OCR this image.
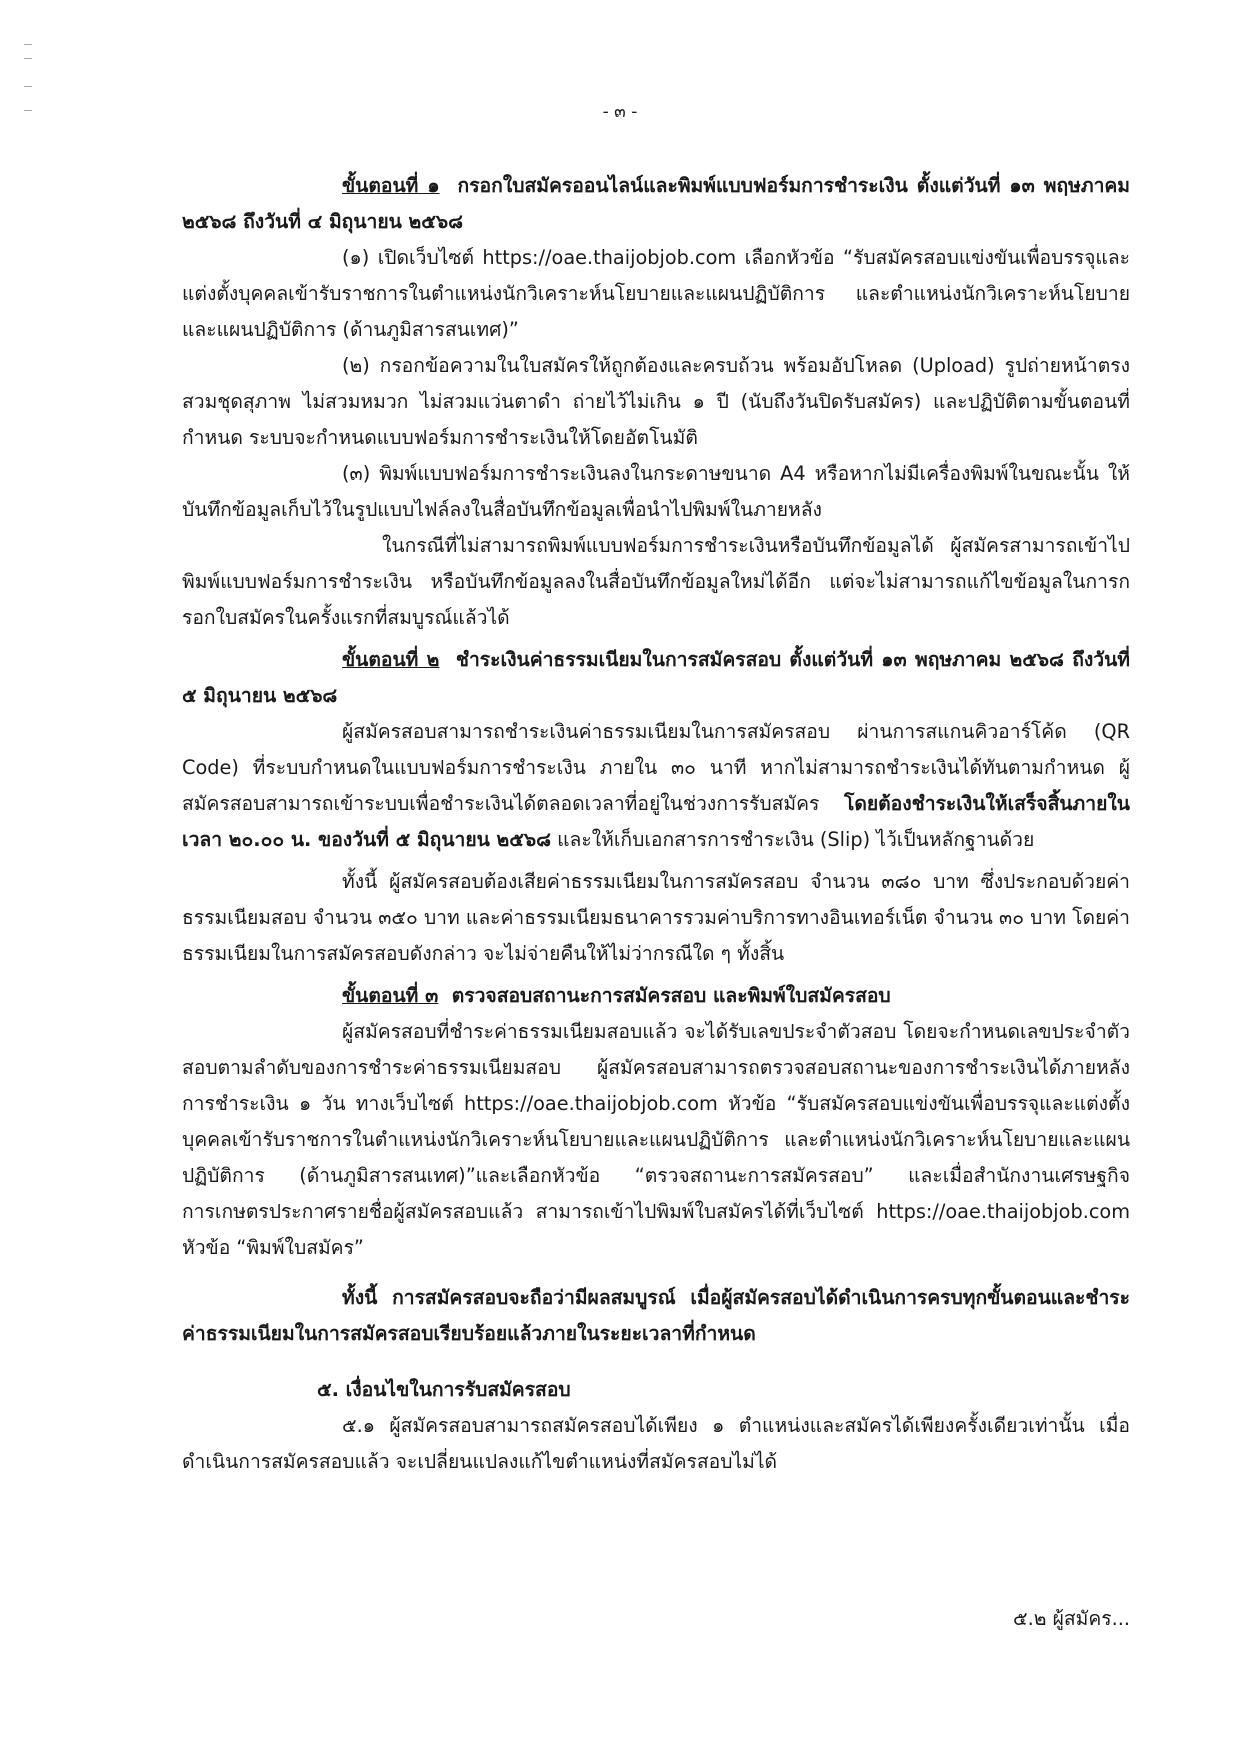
- ๓ -

ขั้นตอนที่ ๑ กรอกใบสมัครออนไลน์และพิมพ์แบบฟอร์มการชำระเงิน ตั้งแต่วันที่ ๑๓ พฤษภาคม ๒๕๖๘ ถึงวันที่ ๔ มิถุนายน ๒๕๖๘

(๑) เปิดเว็บไซต์ https://oae.thaijobjob.com เลือกหัวข้อ “รับสมัครสอบแข่งขันเพื่อบรรจุและแต่งตั้งบุคคลเข้ารับราชการในตำแหน่งนักวิเคราะห์นโยบายและแผนปฏิบัติการ และตำแหน่งนักวิเคราะห์นโยบายและแผนปฏิบัติการ (ด้านภูมิสารสนเทศ)”

(๒) กรอกข้อความในใบสมัครให้ถูกต้องและครบถ้วน พร้อมอัปโหลด (Upload) รูปถ่ายหน้าตรง สวมชุดสุภาพ ไม่สวมหมวก ไม่สวมแว่นตาดำ ถ่ายไว้ไม่เกิน ๑ ปี (นับถึงวันปิดรับสมัคร) และปฏิบัติตามขั้นตอนที่กำหนด ระบบจะกำหนดแบบฟอร์มการชำระเงินให้โดยอัตโนมัติ

(๓) พิมพ์แบบฟอร์มการชำระเงินลงในกระดาษขนาด A4 หรือหากไม่มีเครื่องพิมพ์ในขณะนั้น ให้บันทึกข้อมูลเก็บไว้ในรูปแบบไฟล์ลงในสื่อบันทึกข้อมูลเพื่อนำไปพิมพ์ในภายหลัง

ในกรณีที่ไม่สามารถพิมพ์แบบฟอร์มการชำระเงินหรือบันทึกข้อมูลได้ ผู้สมัครสามารถเข้าไปพิมพ์แบบฟอร์มการชำระเงิน หรือบันทึกข้อมูลลงในสื่อบันทึกข้อมูลใหม่ได้อีก แต่จะไม่สามารถแก้ไขข้อมูลในการกรอกใบสมัครในครั้งแรกที่สมบูรณ์แล้วได้

ขั้นตอนที่ ๒ ชำระเงินค่าธรรมเนียมในการสมัครสอบ ตั้งแต่วันที่ ๑๓ พฤษภาคม ๒๕๖๘ ถึงวันที่ ๕ มิถุนายน ๒๕๖๘

ผู้สมัครสอบสามารถชำระเงินค่าธรรมเนียมในการสมัครสอบ ผ่านการสแกนคิวอาร์โค้ด (QR Code) ที่ระบบกำหนดในแบบฟอร์มการชำระเงิน ภายใน ๓๐ นาที หากไม่สามารถชำระเงินได้ทันตามกำหนด ผู้สมัครสอบสามารถเข้าระบบเพื่อชำระเงินได้ตลอดเวลาที่อยู่ในช่วงการรับสมัคร โดยต้องชำระเงินให้เสร็จสิ้นภายในเวลา ๒๐.๐๐ น. ของวันที่ ๕ มิถุนายน ๒๕๖๘ และให้เก็บเอกสารการชำระเงิน (Slip) ไว้เป็นหลักฐานด้วย

ทั้งนี้ ผู้สมัครสอบต้องเสียค่าธรรมเนียมในการสมัครสอบ จำนวน ๓๘๐ บาท ซึ่งประกอบด้วยค่าธรรมเนียมสอบ จำนวน ๓๕๐ บาท และค่าธรรมเนียมธนาคารรวมค่าบริการทางอินเทอร์เน็ต จำนวน ๓๐ บาท โดยค่าธรรมเนียมในการสมัครสอบดังกล่าว จะไม่จ่ายคืนให้ไม่ว่ากรณีใด ๆ ทั้งสิ้น

ขั้นตอนที่ ๓ ตรวจสอบสถานะการสมัครสอบ และพิมพ์ใบสมัครสอบ

ผู้สมัครสอบที่ชำระค่าธรรมเนียมสอบแล้ว จะได้รับเลขประจำตัวสอบ โดยจะกำหนดเลขประจำตัวสอบตามลำดับของการชำระค่าธรรมเนียมสอบ ผู้สมัครสอบสามารถตรวจสอบสถานะของการชำระเงินได้ภายหลังการชำระเงิน ๑ วัน ทางเว็บไซต์ https://oae.thaijobjob.com หัวข้อ “รับสมัครสอบแข่งขันเพื่อบรรจุและแต่งตั้งบุคคลเข้ารับราชการในตำแหน่งนักวิเคราะห์นโยบายและแผนปฏิบัติการ และตำแหน่งนักวิเคราะห์นโยบายและแผนปฏิบัติการ (ด้านภูมิสารสนเทศ)”และเลือกหัวข้อ “ตรวจสถานะการสมัครสอบ” และเมื่อสำนักงานเศรษฐกิจการเกษตรประกาศรายชื่อผู้สมัครสอบแล้ว สามารถเข้าไปพิมพ์ใบสมัครได้ที่เว็บไซต์ https://oae.thaijobjob.com หัวข้อ “พิมพ์ใบสมัคร”

ทั้งนี้ การสมัครสอบจะถือว่ามีผลสมบูรณ์ เมื่อผู้สมัครสอบได้ดำเนินการครบทุกขั้นตอนและชำระค่าธรรมเนียมในการสมัครสอบเรียบร้อยแล้วภายในระยะเวลาที่กำหนด

๕. เงื่อนไขในการรับสมัครสอบ

๕.๑ ผู้สมัครสอบสามารถสมัครสอบได้เพียง ๑ ตำแหน่งและสมัครได้เพียงครั้งเดียวเท่านั้น เมื่อดำเนินการสมัครสอบแล้ว จะเปลี่ยนแปลงแก้ไขตำแหน่งที่สมัครสอบไม่ได้

๕.๒ ผู้สมัคร...
